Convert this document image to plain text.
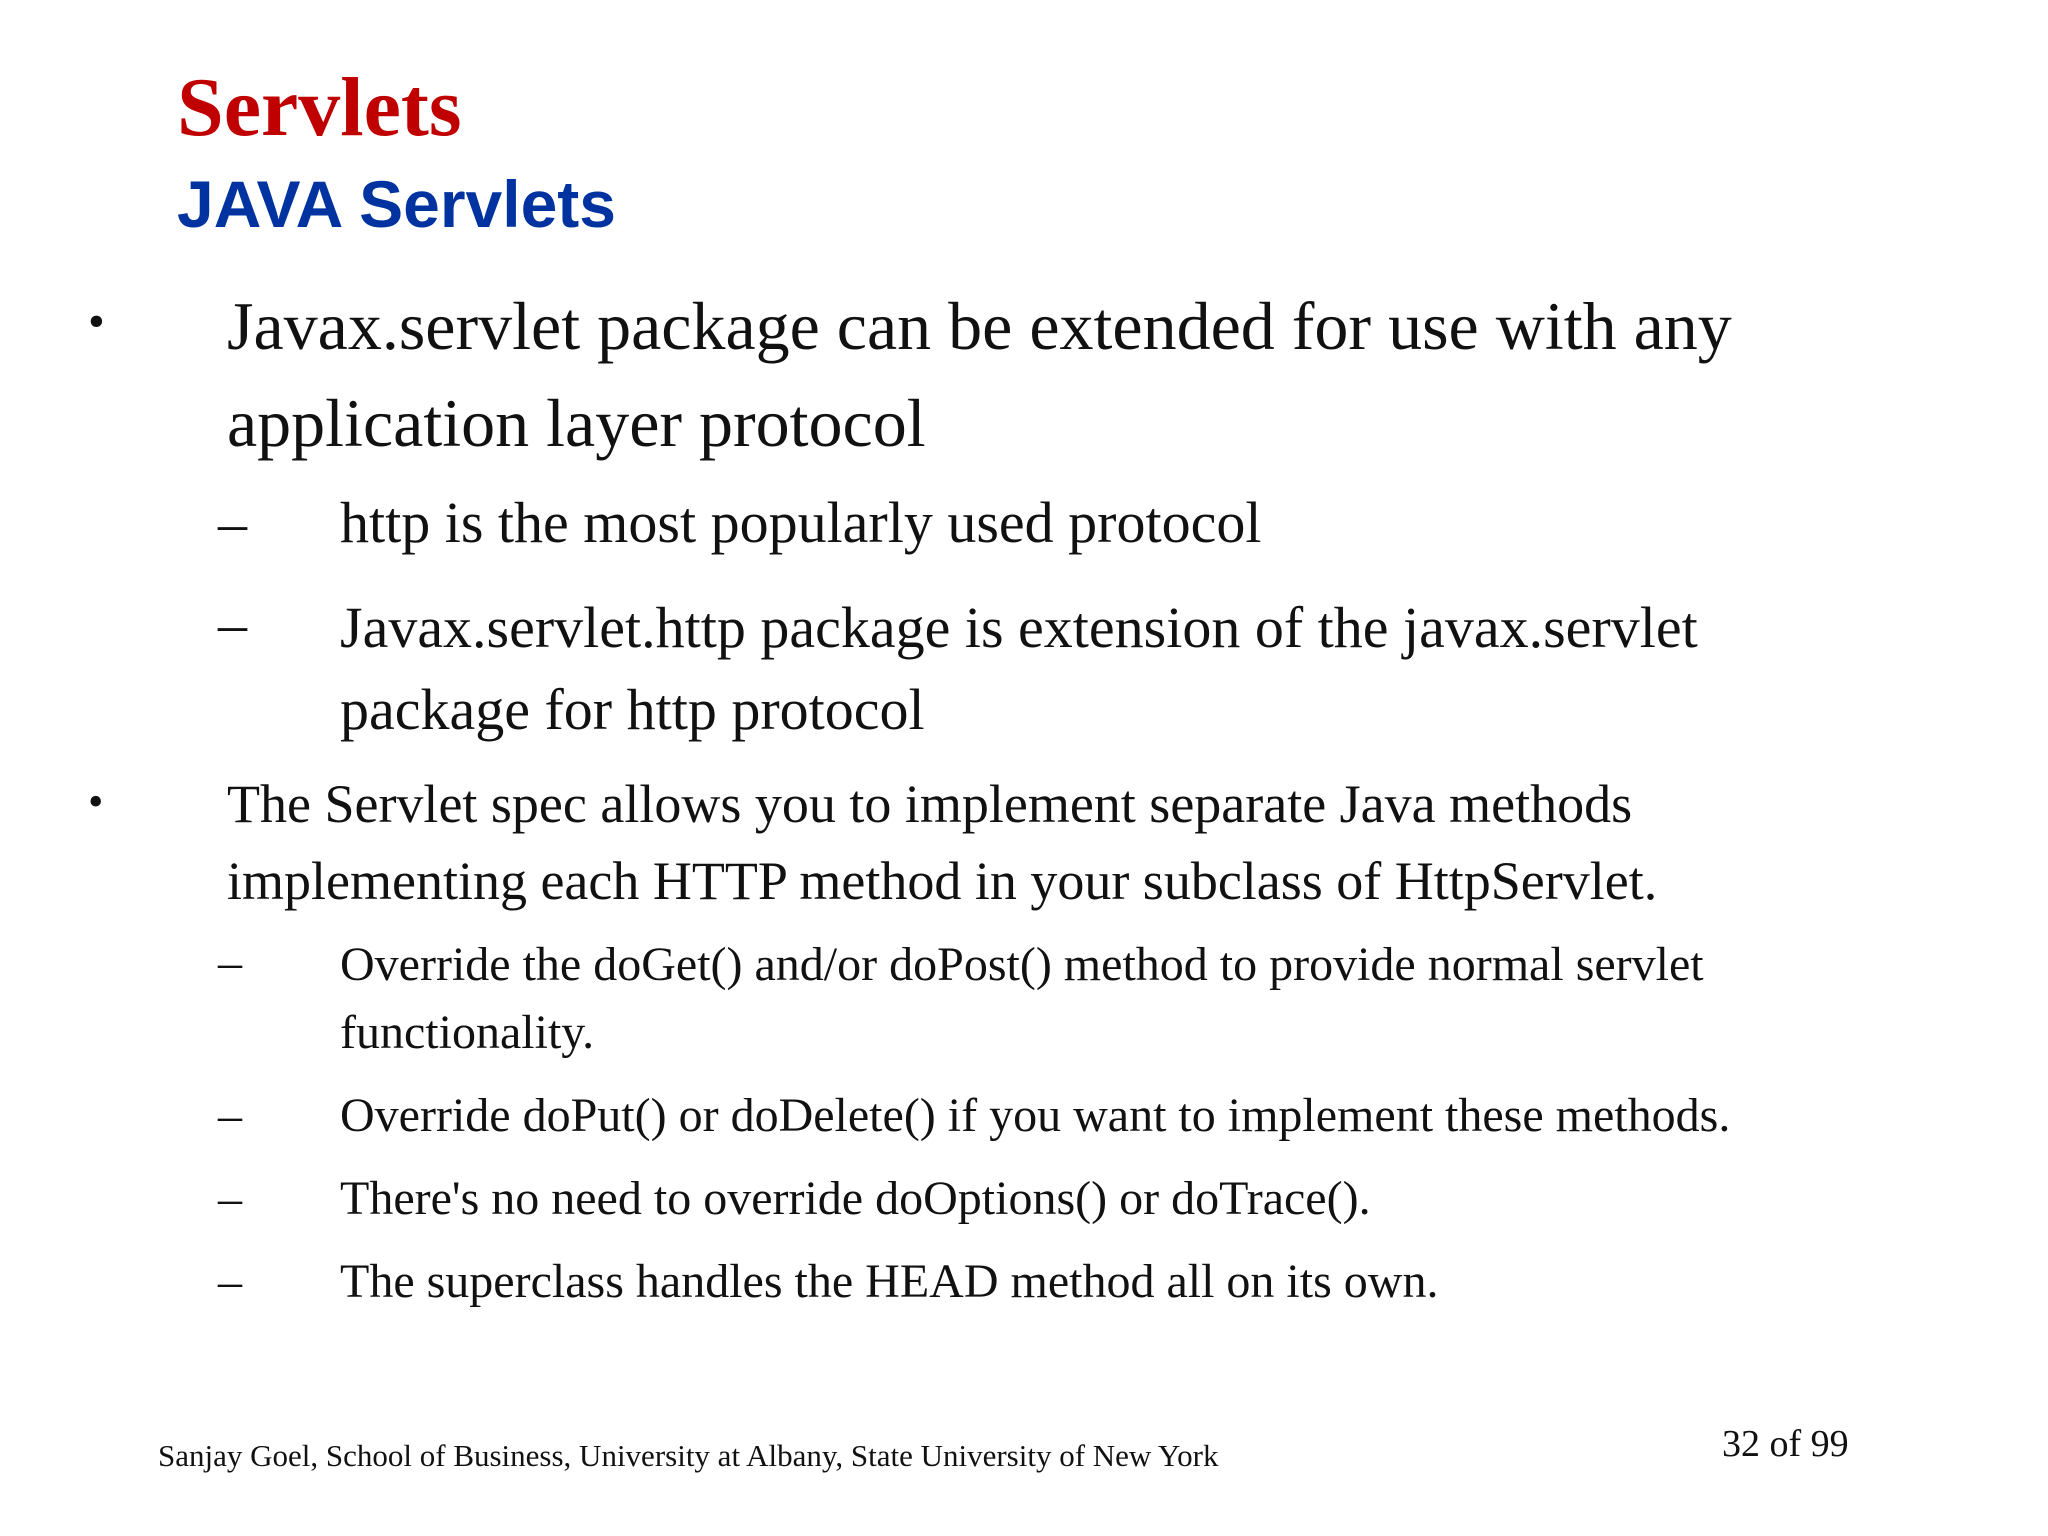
Servlets
JAVA Servlets
• Javax.servlet package can be extended for use with any
application layer protocol

– http is the most popularly used protocol

– Javax.servlet.http package is extension of the javax.servlet
package for http protocol

• The Servlet spec allows you to implement separate Java methods
implementing each HTTP method in your subclass of HttpServlet.

– Override the doGet() and/or doPost() method to provide normal servlet
functionality.

– Override doPut() or doDelete() if you want to implement these methods.

– There's no need to override doOptions() or doTrace().

– The superclass handles the HEAD method all on its own.

Sanjay Goel, School of Business, University at Albany, State University of New York	32 of 99
